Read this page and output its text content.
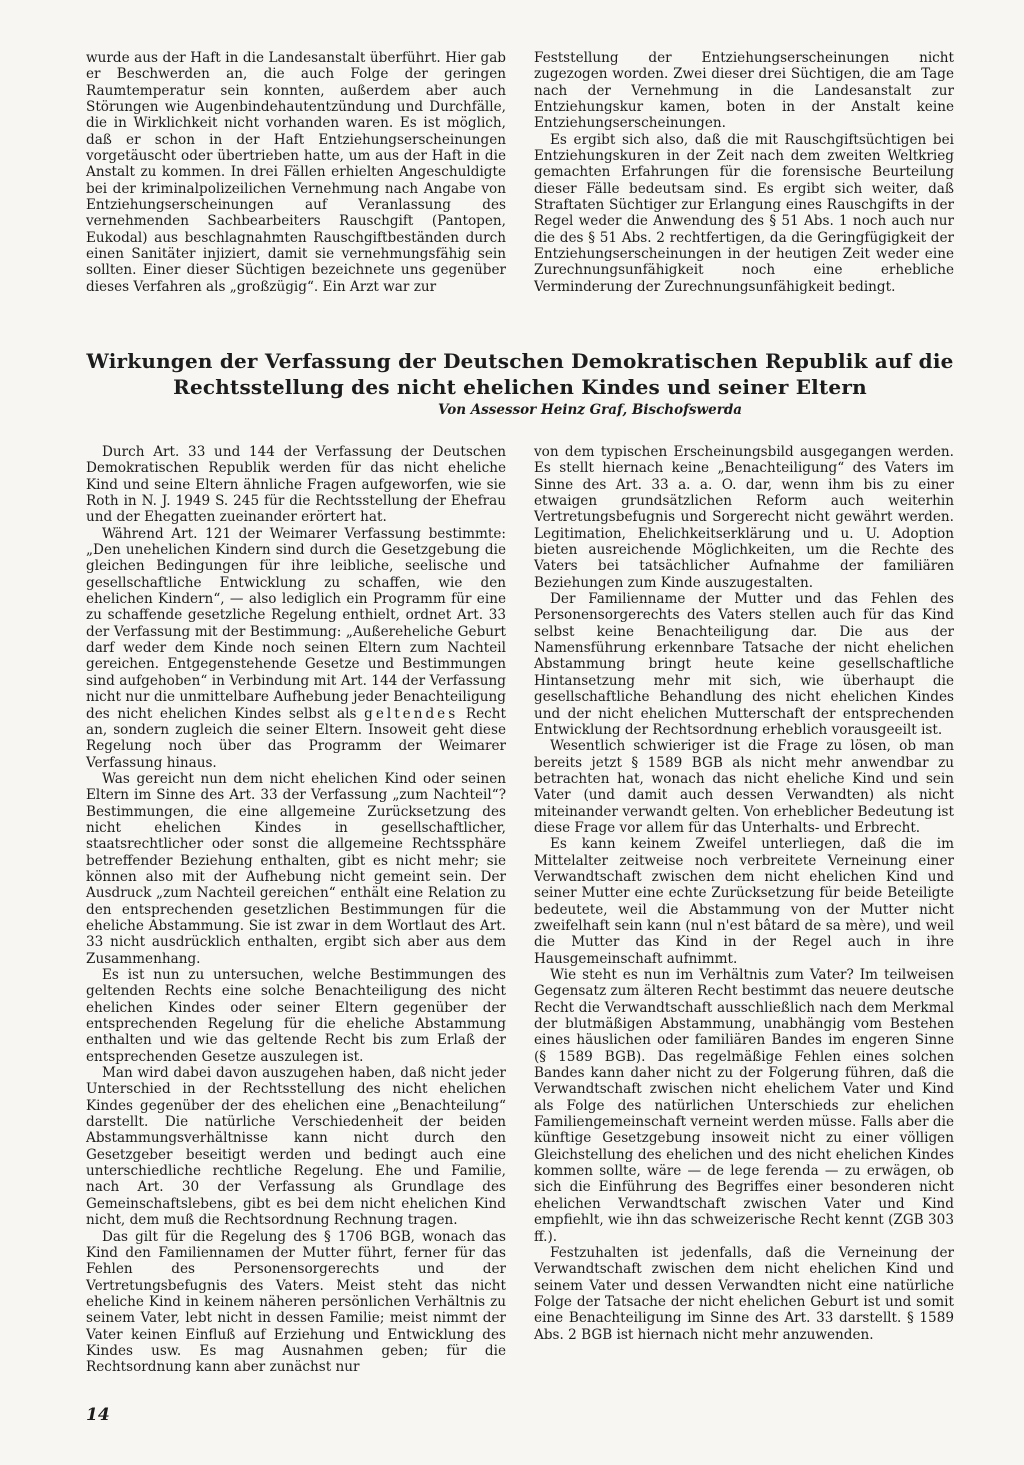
wurde aus der Haft in die Landesanstalt überführt. Hier gab er Beschwerden an, die auch Folge der geringen Raumtemperatur sein konnten, außerdem aber auch Störungen wie Augenbindehautentzündung und Durchfälle, die in Wirklichkeit nicht vorhanden waren. Es ist möglich, daß er schon in der Haft Entziehungserscheinungen vorgetäuscht oder übertrieben hatte, um aus der Haft in die Anstalt zu kommen. In drei Fällen erhielten Angeschuldigte bei der kriminalpolizeilichen Vernehmung nach Angabe von Entziehungserscheinungen auf Veranlassung des vernehmenden Sachbearbeiters Rauschgift (Pantopen, Eukodal) aus beschlagnahmten Rauschgiftbeständen durch einen Sanitäter injiziert, damit sie vernehmungsfähig sein sollten. Einer dieser Süchtigen bezeichnete uns gegenüber dieses Verfahren als „großzügig“. Ein Arzt war zur

Feststellung der Entziehungserscheinungen nicht zugezogen worden. Zwei dieser drei Süchtigen, die am Tage nach der Vernehmung in die Landesanstalt zur Entziehungskur kamen, boten in der Anstalt keine Entziehungserscheinungen.

Es ergibt sich also, daß die mit Rauschgiftsüchtigen bei Entziehungskuren in der Zeit nach dem zweiten Weltkrieg gemachten Erfahrungen für die forensische Beurteilung dieser Fälle bedeutsam sind. Es ergibt sich weiter, daß Straftaten Süchtiger zur Erlangung eines Rauschgifts in der Regel weder die Anwendung des § 51 Abs. 1 noch auch nur die des § 51 Abs. 2 rechtfertigen, da die Geringfügigkeit der Entziehungserscheinungen in der heutigen Zeit weder eine Zurechnungsunfähigkeit noch eine erhebliche Verminderung der Zurechnungsunfähigkeit bedingt.

Wirkungen der Verfassung der Deutschen Demokratischen Republik auf die
Rechtsstellung des nicht ehelichen Kindes und seiner Eltern
Von Assessor Heinz Graf, Bischofswerda

Durch Art. 33 und 144 der Verfassung der Deutschen Demokratischen Republik werden für das nicht eheliche Kind und seine Eltern ähnliche Fragen aufgeworfen, wie sie Roth in N. J. 1949 S. 245 für die Rechtsstellung der Ehefrau und der Ehegatten zueinander erörtert hat.

Während Art. 121 der Weimarer Verfassung bestimmte: „Den unehelichen Kindern sind durch die Gesetzgebung die gleichen Bedingungen für ihre leibliche, seelische und gesellschaftliche Entwicklung zu schaffen, wie den ehelichen Kindern“, — also lediglich ein Programm für eine zu schaffende gesetzliche Regelung enthielt, ordnet Art. 33 der Verfassung mit der Bestimmung: „Außereheliche Geburt darf weder dem Kinde noch seinen Eltern zum Nachteil gereichen. Entgegenstehende Gesetze und Bestimmungen sind aufgehoben“ in Verbindung mit Art. 144 der Verfassung nicht nur die unmittelbare Aufhebung jeder Benachteiligung des nicht ehelichen Kindes selbst als geltendes Recht an, sondern zugleich die seiner Eltern. Insoweit geht diese Regelung noch über das Programm der Weimarer Verfassung hinaus.

Was gereicht nun dem nicht ehelichen Kind oder seinen Eltern im Sinne des Art. 33 der Verfassung „zum Nachteil“? Bestimmungen, die eine allgemeine Zurücksetzung des nicht ehelichen Kindes in gesellschaftlicher, staatsrechtlicher oder sonst die allgemeine Rechtssphäre betreffender Beziehung enthalten, gibt es nicht mehr; sie können also mit der Aufhebung nicht gemeint sein. Der Ausdruck „zum Nachteil gereichen“ enthält eine Relation zu den entsprechenden gesetzlichen Bestimmungen für die eheliche Abstammung. Sie ist zwar in dem Wortlaut des Art. 33 nicht ausdrücklich enthalten, ergibt sich aber aus dem Zusammenhang.

Es ist nun zu untersuchen, welche Bestimmungen des geltenden Rechts eine solche Benachteiligung des nicht ehelichen Kindes oder seiner Eltern gegenüber der entsprechenden Regelung für die eheliche Abstammung enthalten und wie das geltende Recht bis zum Erlaß der entsprechenden Gesetze auszulegen ist.

Man wird dabei davon auszugehen haben, daß nicht jeder Unterschied in der Rechtsstellung des nicht ehelichen Kindes gegenüber der des ehelichen eine „Benachteilung“ darstellt. Die natürliche Verschiedenheit der beiden Abstammungsverhältnisse kann nicht durch den Gesetzgeber beseitigt werden und bedingt auch eine unterschiedliche rechtliche Regelung. Ehe und Familie, nach Art. 30 der Verfassung als Grundlage des Gemeinschaftslebens, gibt es bei dem nicht ehelichen Kind nicht, dem muß die Rechtsordnung Rechnung tragen.

Das gilt für die Regelung des § 1706 BGB, wonach das Kind den Familiennamen der Mutter führt, ferner für das Fehlen des Personensorgerechts und der Vertretungsbefugnis des Vaters. Meist steht das nicht eheliche Kind in keinem näheren persönlichen Verhältnis zu seinem Vater, lebt nicht in dessen Familie; meist nimmt der Vater keinen Einfluß auf Erziehung und Entwicklung des Kindes usw. Es mag Ausnahmen geben; für die Rechtsordnung kann aber zunächst nur

von dem typischen Erscheinungsbild ausgegangen werden. Es stellt hiernach keine „Benachteiligung“ des Vaters im Sinne des Art. 33 a. a. O. dar, wenn ihm bis zu einer etwaigen grundsätzlichen Reform auch weiterhin Vertretungsbefugnis und Sorgerecht nicht gewährt werden. Legitimation, Ehelichkeitserklärung und u. U. Adoption bieten ausreichende Möglichkeiten, um die Rechte des Vaters bei tatsächlicher Aufnahme der familiären Beziehungen zum Kinde auszugestalten.

Der Familienname der Mutter und das Fehlen des Personensorgerechts des Vaters stellen auch für das Kind selbst keine Benachteiligung dar. Die aus der Namensführung erkennbare Tatsache der nicht ehelichen Abstammung bringt heute keine gesellschaftliche Hintansetzung mehr mit sich, wie überhaupt die gesellschaftliche Behandlung des nicht ehelichen Kindes und der nicht ehelichen Mutterschaft der entsprechenden Entwicklung der Rechtsordnung erheblich vorausgeeilt ist.

Wesentlich schwieriger ist die Frage zu lösen, ob man bereits jetzt § 1589 BGB als nicht mehr anwendbar zu betrachten hat, wonach das nicht eheliche Kind und sein Vater (und damit auch dessen Verwandten) als nicht miteinander verwandt gelten. Von erheblicher Bedeutung ist diese Frage vor allem für das Unterhalts- und Erbrecht.

Es kann keinem Zweifel unterliegen, daß die im Mittelalter zeitweise noch verbreitete Verneinung einer Verwandtschaft zwischen dem nicht ehelichen Kind und seiner Mutter eine echte Zurücksetzung für beide Beteiligte bedeutete, weil die Abstammung von der Mutter nicht zweifelhaft sein kann (nul n'est bâtard de sa mère), und weil die Mutter das Kind in der Regel auch in ihre Hausgemeinschaft aufnimmt.

Wie steht es nun im Verhältnis zum Vater? Im teilweisen Gegensatz zum älteren Recht bestimmt das neuere deutsche Recht die Verwandtschaft ausschließlich nach dem Merkmal der blutmäßigen Abstammung, unabhängig vom Bestehen eines häuslichen oder familiären Bandes im engeren Sinne (§ 1589 BGB). Das regelmäßige Fehlen eines solchen Bandes kann daher nicht zu der Folgerung führen, daß die Verwandtschaft zwischen nicht ehelichem Vater und Kind als Folge des natürlichen Unterschieds zur ehelichen Familiengemeinschaft verneint werden müsse. Falls aber die künftige Gesetzgebung insoweit nicht zu einer völligen Gleichstellung des ehelichen und des nicht ehelichen Kindes kommen sollte, wäre — de lege ferenda — zu erwägen, ob sich die Einführung des Begriffes einer besonderen nicht ehelichen Verwandtschaft zwischen Vater und Kind empfiehlt, wie ihn das schweizerische Recht kennt (ZGB 303 ff.).

Festzuhalten ist jedenfalls, daß die Verneinung der Verwandtschaft zwischen dem nicht ehelichen Kind und seinem Vater und dessen Verwandten nicht eine natürliche Folge der Tatsache der nicht ehelichen Geburt ist und somit eine Benachteiligung im Sinne des Art. 33 darstellt. § 1589 Abs. 2 BGB ist hiernach nicht mehr anzuwenden.

14
